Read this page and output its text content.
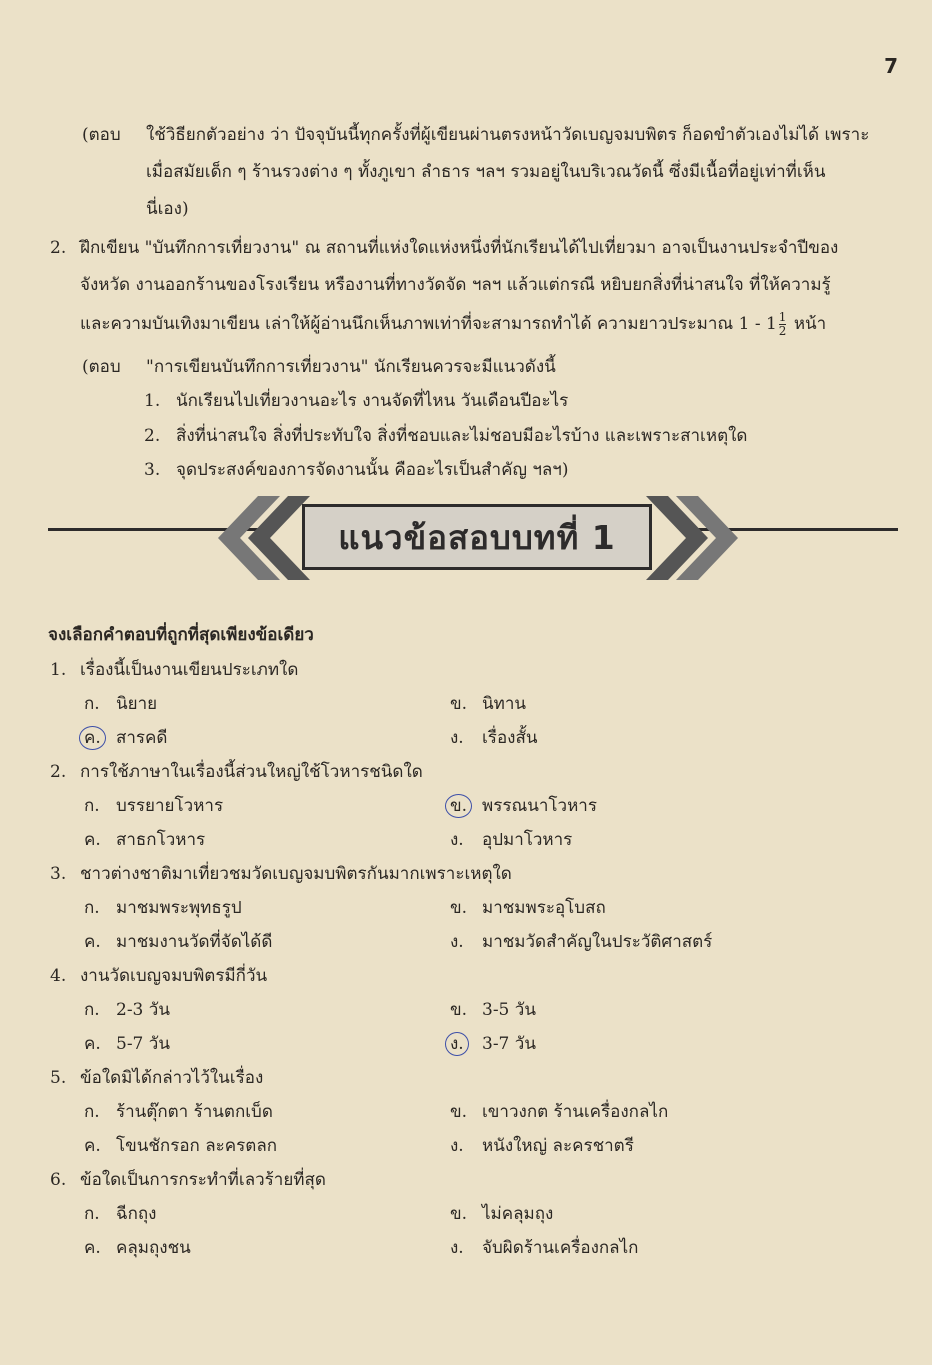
7
(ตอบ ใช้วิธียกตัวอย่าง ว่า ปัจจุบันนี้ทุกครั้งที่ผู้เขียนผ่านตรงหน้าวัดเบญจมบพิตร ก็อดขำตัวเองไม่ได้ เพราะ
เมื่อสมัยเด็ก ๆ ร้านรวงต่าง ๆ ทั้งภูเขา ลำธาร ฯลฯ รวมอยู่ในบริเวณวัดนี้ ซึ่งมีเนื้อที่อยู่เท่าที่เห็น
นี่เอง)
2. ฝึกเขียน "บันทึกการเที่ยวงาน" ณ สถานที่แห่งใดแห่งหนึ่งที่นักเรียนได้ไปเที่ยวมา อาจเป็นงานประจำปีของ
จังหวัด งานออกร้านของโรงเรียน หรืองานที่ทางวัดจัด ฯลฯ แล้วแต่กรณี หยิบยกสิ่งที่น่าสนใจ ที่ให้ความรู้
และความบันเทิงมาเขียน เล่าให้ผู้อ่านนึกเห็นภาพเท่าที่จะสามารถทำได้ ความยาวประมาณ $1 - 1 \frac{1}{2}$ หน้า
(ตอบ "การเขียนบันทึกการเที่ยวงาน" นักเรียนควรจะมีแนวดังนี้
1. นักเรียนไปเที่ยวงานอะไร งานจัดที่ไหน วันเดือนปีอะไร
2. สิ่งที่น่าสนใจ สิ่งที่ประทับใจ สิ่งที่ชอบและไม่ชอบมีอะไรบ้าง และเพราะสาเหตุใด
3. จุดประสงค์ของการจัดงานนั้น คืออะไรเป็นสำคัญ ฯลฯ)
แนวข้อสอบบทที่ 1
จงเลือกคำตอบที่ถูกที่สุดเพียงข้อเดียว
1. เรื่องนี้เป็นงานเขียนประเภทใด
ก. นิยาย	ข. นิทาน
ค. สารคดี	ง. เรื่องสั้น
2. การใช้ภาษาในเรื่องนี้ส่วนใหญ่ใช้โวหารชนิดใด
ก. บรรยายโวหาร	ข. พรรณนาโวหาร
ค. สาธกโวหาร	ง. อุปมาโวหาร
3. ชาวต่างชาติมาเที่ยวชมวัดเบญจมบพิตรกันมากเพราะเหตุใด
ก. มาชมพระพุทธรูป	ข. มาชมพระอุโบสถ
ค. มาชมงานวัดที่จัดได้ดี	ง. มาชมวัดสำคัญในประวัติศาสตร์
4. งานวัดเบญจมบพิตรมีกี่วัน
ก. 2-3 วัน	ข. 3-5 วัน
ค. 5-7 วัน	ง. 3-7 วัน
5. ข้อใดมิได้กล่าวไว้ในเรื่อง
ก. ร้านตุ๊กตา ร้านตกเบ็ด	ข. เขาวงกต ร้านเครื่องกลไก
ค. โขนชักรอก ละครตลก	ง. หนังใหญ่ ละครชาตรี
6. ข้อใดเป็นการกระทำที่เลวร้ายที่สุด
ก. ฉีกถุง	ข. ไม่คลุมถุง
ค. คลุมถุงชน	ง. จับผิดร้านเครื่องกลไก
